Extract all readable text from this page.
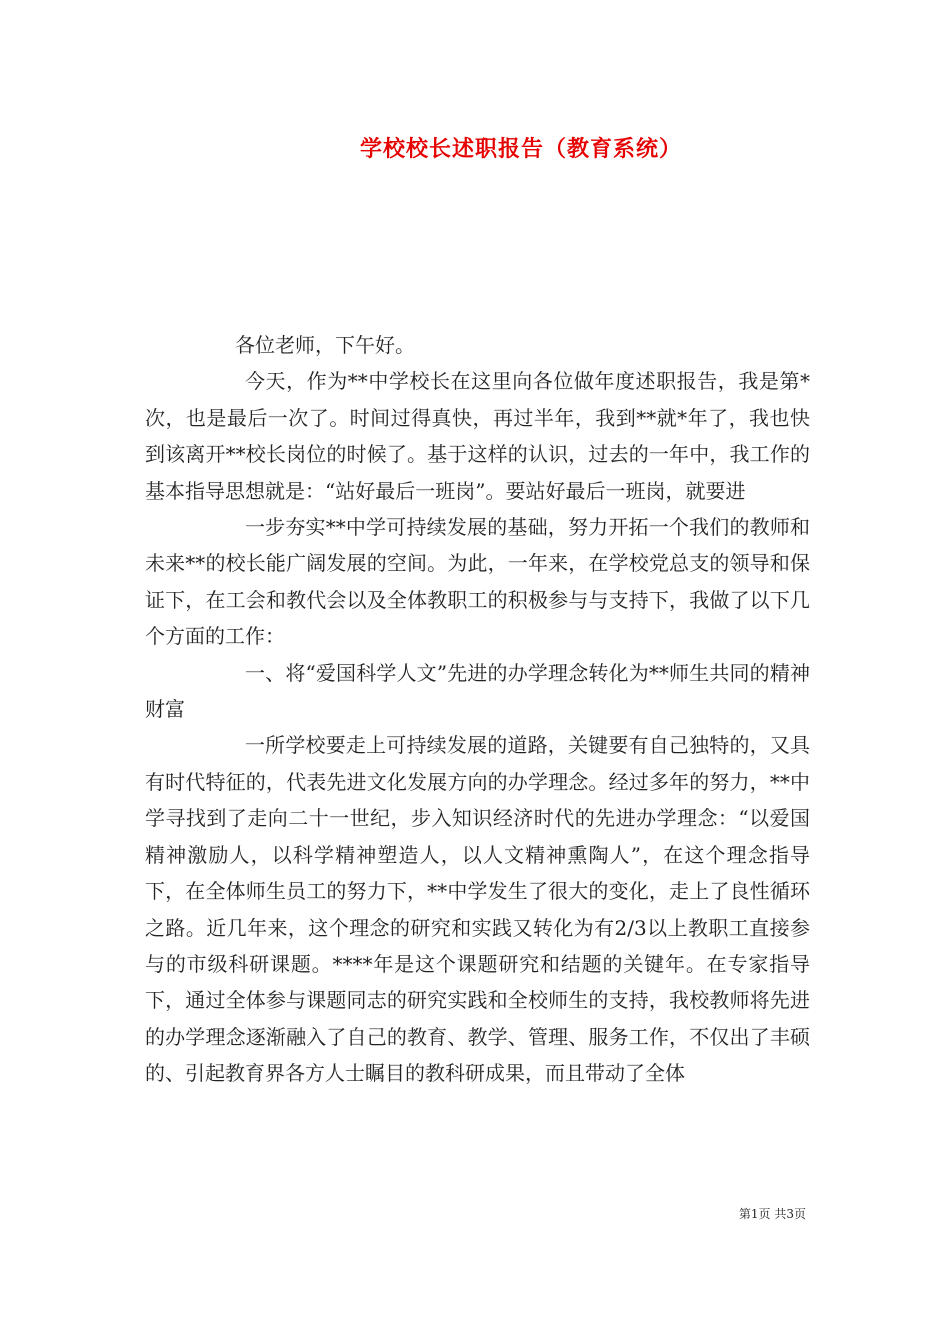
学校校长述职报告（教育系统）

各位老师，下午好。

今天，作为**中学校长在这里向各位做年度述职报告，我是第*次，也是最后一次了。时间过得真快，再过半年，我到**就*年了，我也快到该离开**校长岗位的时候了。基于这样的认识，过去的一年中，我工作的基本指导思想就是：“站好最后一班岗”。要站好最后一班岗，就要进

一步夯实**中学可持续发展的基础，努力开拓一个我们的教师和未来**的校长能广阔发展的空间。为此，一年来，在学校党总支的领导和保证下，在工会和教代会以及全体教职工的积极参与与支持下，我做了以下几个方面的工作：

一、将“爱国科学人文”先进的办学理念转化为**师生共同的精神财富

一所学校要走上可持续发展的道路，关键要有自己独特的，又具有时代特征的，代表先进文化发展方向的办学理念。经过多年的努力，**中学寻找到了走向二十一世纪，步入知识经济时代的先进办学理念：“以爱国精神激励人，以科学精神塑造人，以人文精神熏陶人”，在这个理念指导下，在全体师生员工的努力下，**中学发生了很大的变化，走上了良性循环之路。近几年来，这个理念的研究和实践又转化为有2/3以上教职工直接参与的市级科研课题。****年是这个课题研究和结题的关键年。在专家指导下，通过全体参与课题同志的研究实践和全校师生的支持，我校教师将先进的办学理念逐渐融入了自己的教育、教学、管理、服务工作，不仅出了丰硕的、引起教育界各方人士瞩目的教科研成果，而且带动了全体

第1页 共3页
